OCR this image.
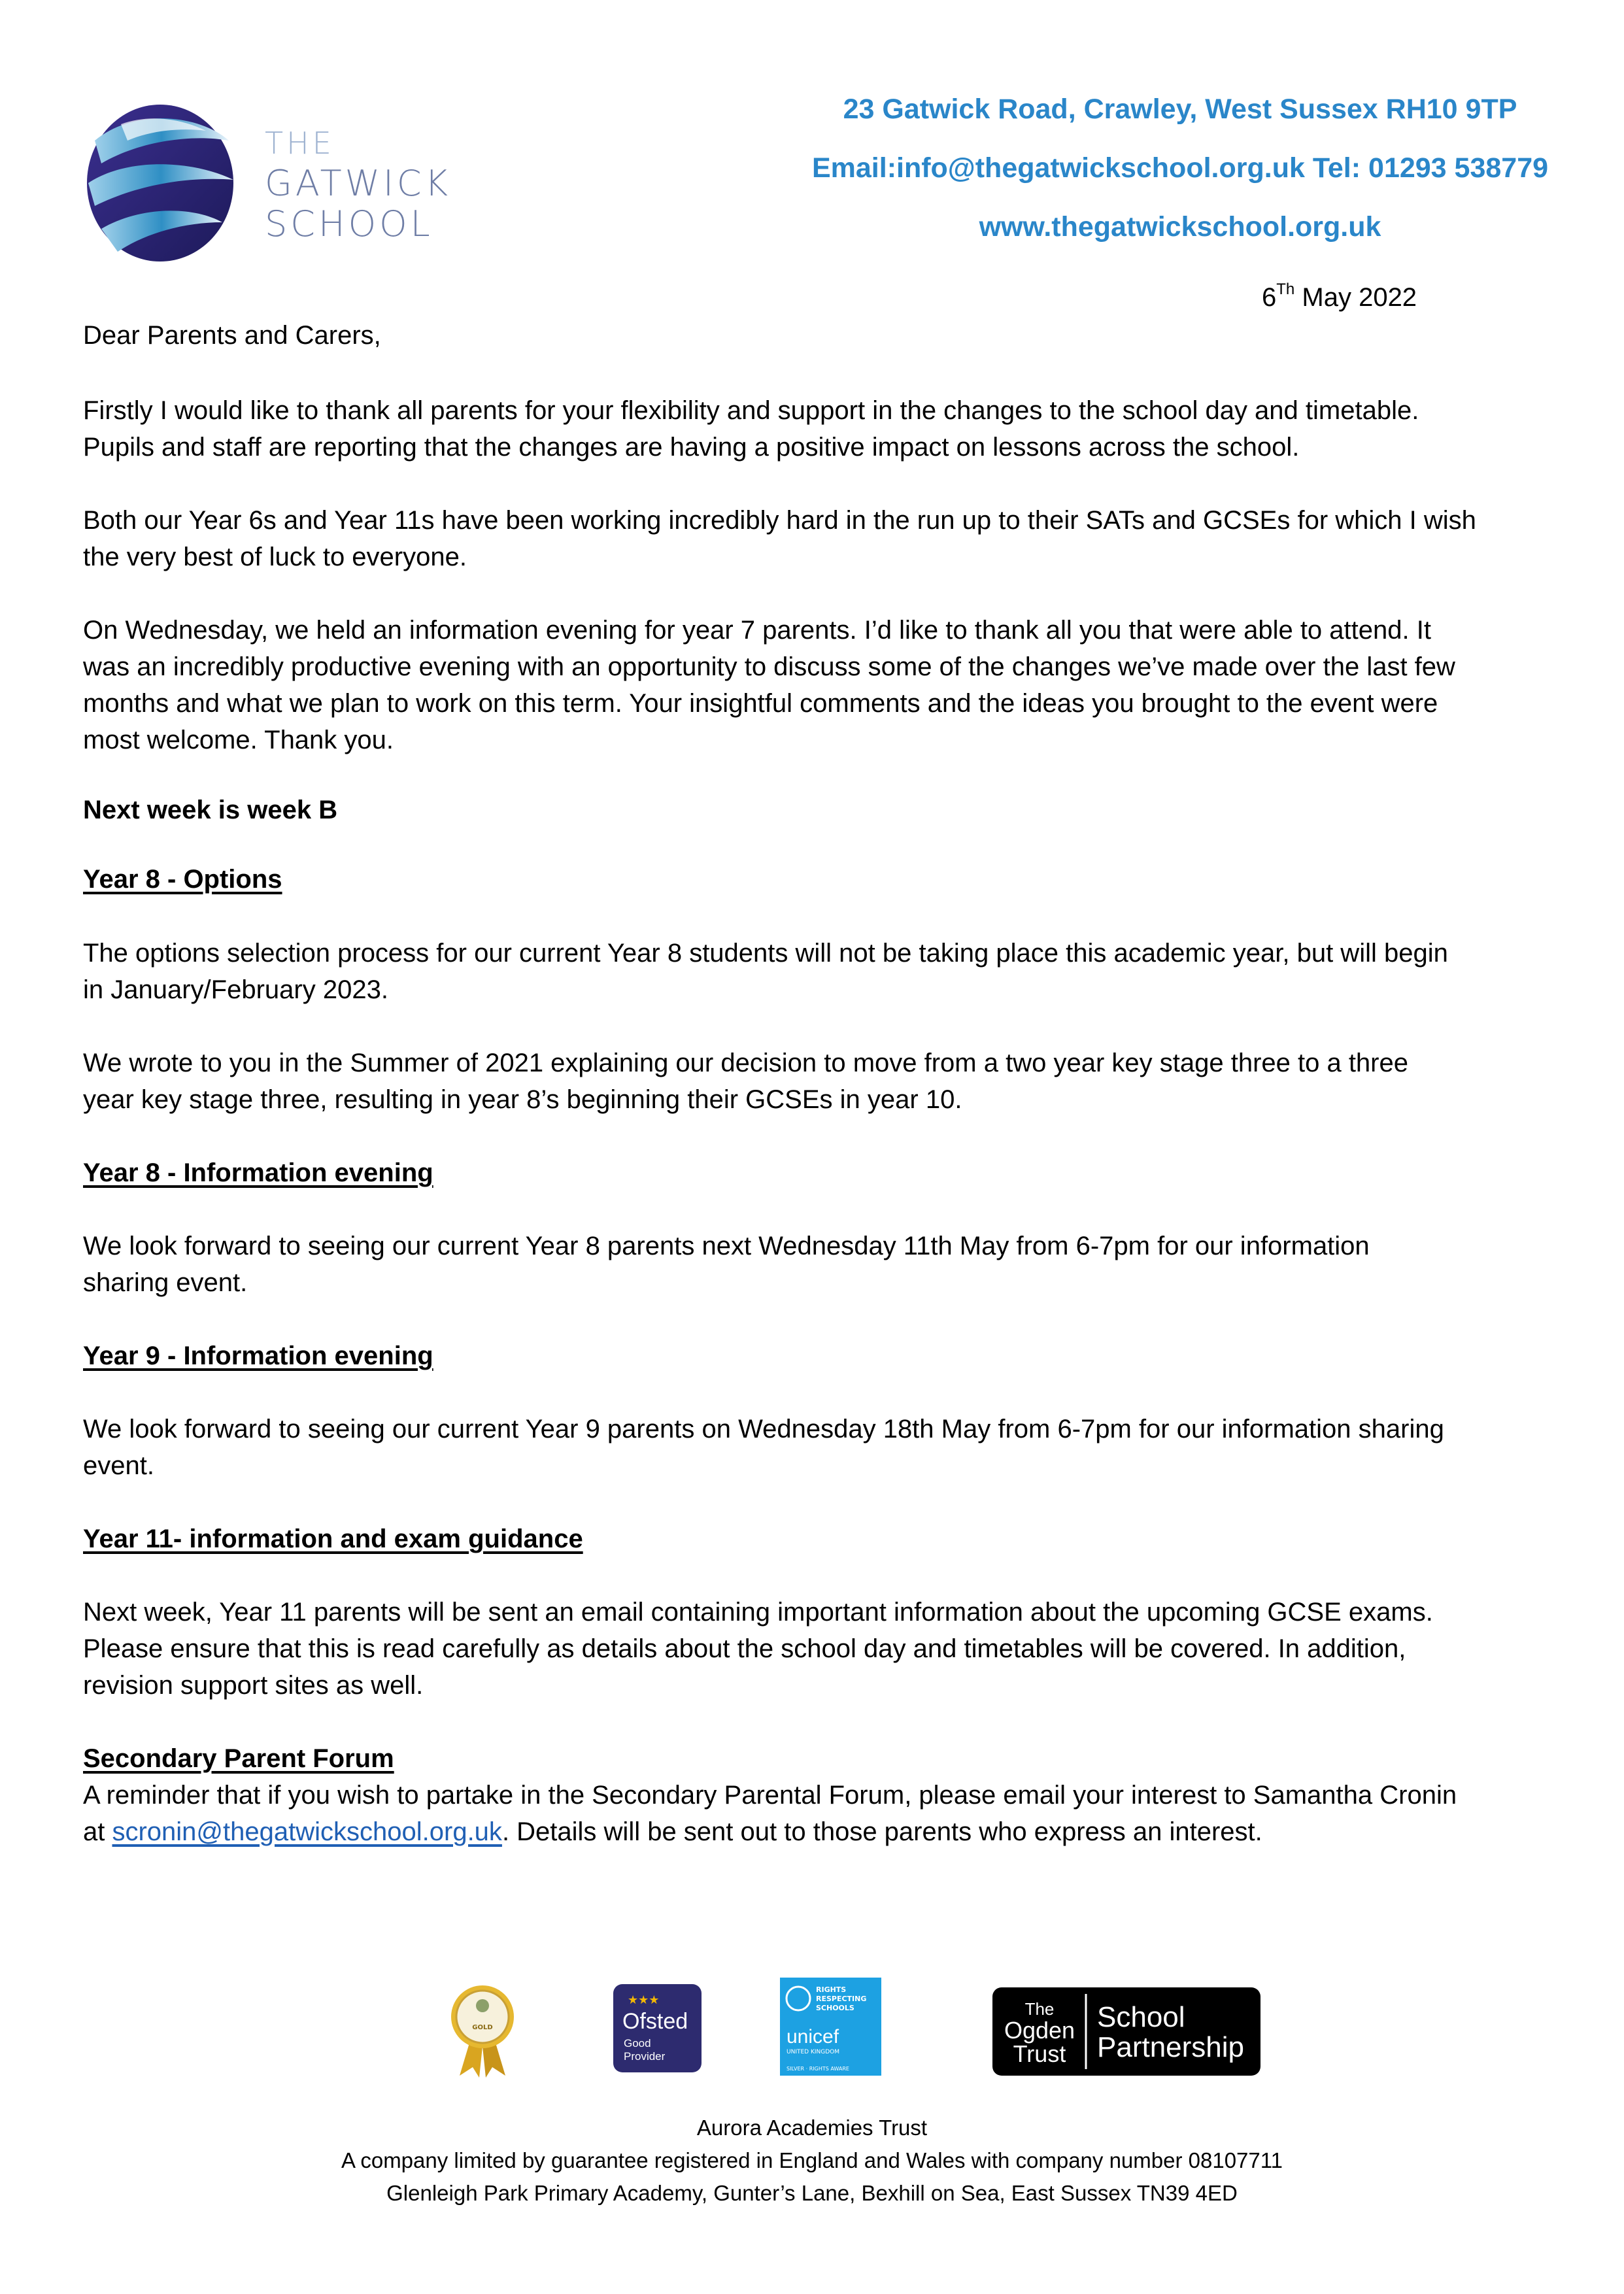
THE
GATWICK
SCHOOL
23 Gatwick Road, Crawley, West Sussex RH10 9TP
Email:info@thegatwickschool.org.uk Tel: 01293 538779
www.thegatwickschool.org.uk
6Th May 2022
Dear Parents and Carers,
Firstly I would like to thank all parents for your flexibility and support in the changes to the school day and timetable.
Pupils and staff are reporting that the changes are having a positive impact on lessons across the school.
Both our Year 6s and Year 11s have been working incredibly hard in the run up to their SATs and GCSEs for which I wish
the very best of luck to everyone.
On Wednesday, we held an information evening for year 7 parents. I’d like to thank all you that were able to attend. It
was an incredibly productive evening with an opportunity to discuss some of the changes we’ve made over the last few
months and what we plan to work on this term. Your insightful comments and the ideas you brought to the event were
most welcome. Thank you.
Next week is week B
Year 8 - Options
The options selection process for our current Year 8 students will not be taking place this academic year, but will begin
in January/February 2023.
We wrote to you in the Summer of 2021 explaining our decision to move from a two year key stage three to a three
year key stage three, resulting in year 8’s beginning their GCSEs in year 10.
Year 8 - Information evening
We look forward to seeing our current Year 8 parents next Wednesday 11th May from 6-7pm for our information
sharing event.
Year 9 - Information evening
We look forward to seeing our current Year 9 parents on Wednesday 18th May from 6-7pm for our information sharing
event.
Year 11- information and exam guidance
Next week, Year 11 parents will be sent an email containing important information about the upcoming GCSE exams.
Please ensure that this is read carefully as details about the school day and timetables will be covered. In addition,
revision support sites as well.
Secondary Parent Forum
A reminder that if you wish to partake in the Secondary Parental Forum, please email your interest to Samantha Cronin
at scronin@thegatwickschool.org.uk. Details will be sent out to those parents who express an interest.
GOLD
★★★
Ofsted
Good
Provider
RIGHTS
RESPECTING
SCHOOLS
unicef
UNITED KINGDOM
SILVER · RIGHTS AWARE
The
Ogden
Trust
School
Partnership
Aurora Academies Trust
A company limited by guarantee registered in England and Wales with company number 08107711
Glenleigh Park Primary Academy, Gunter’s Lane, Bexhill on Sea, East Sussex TN39 4ED
